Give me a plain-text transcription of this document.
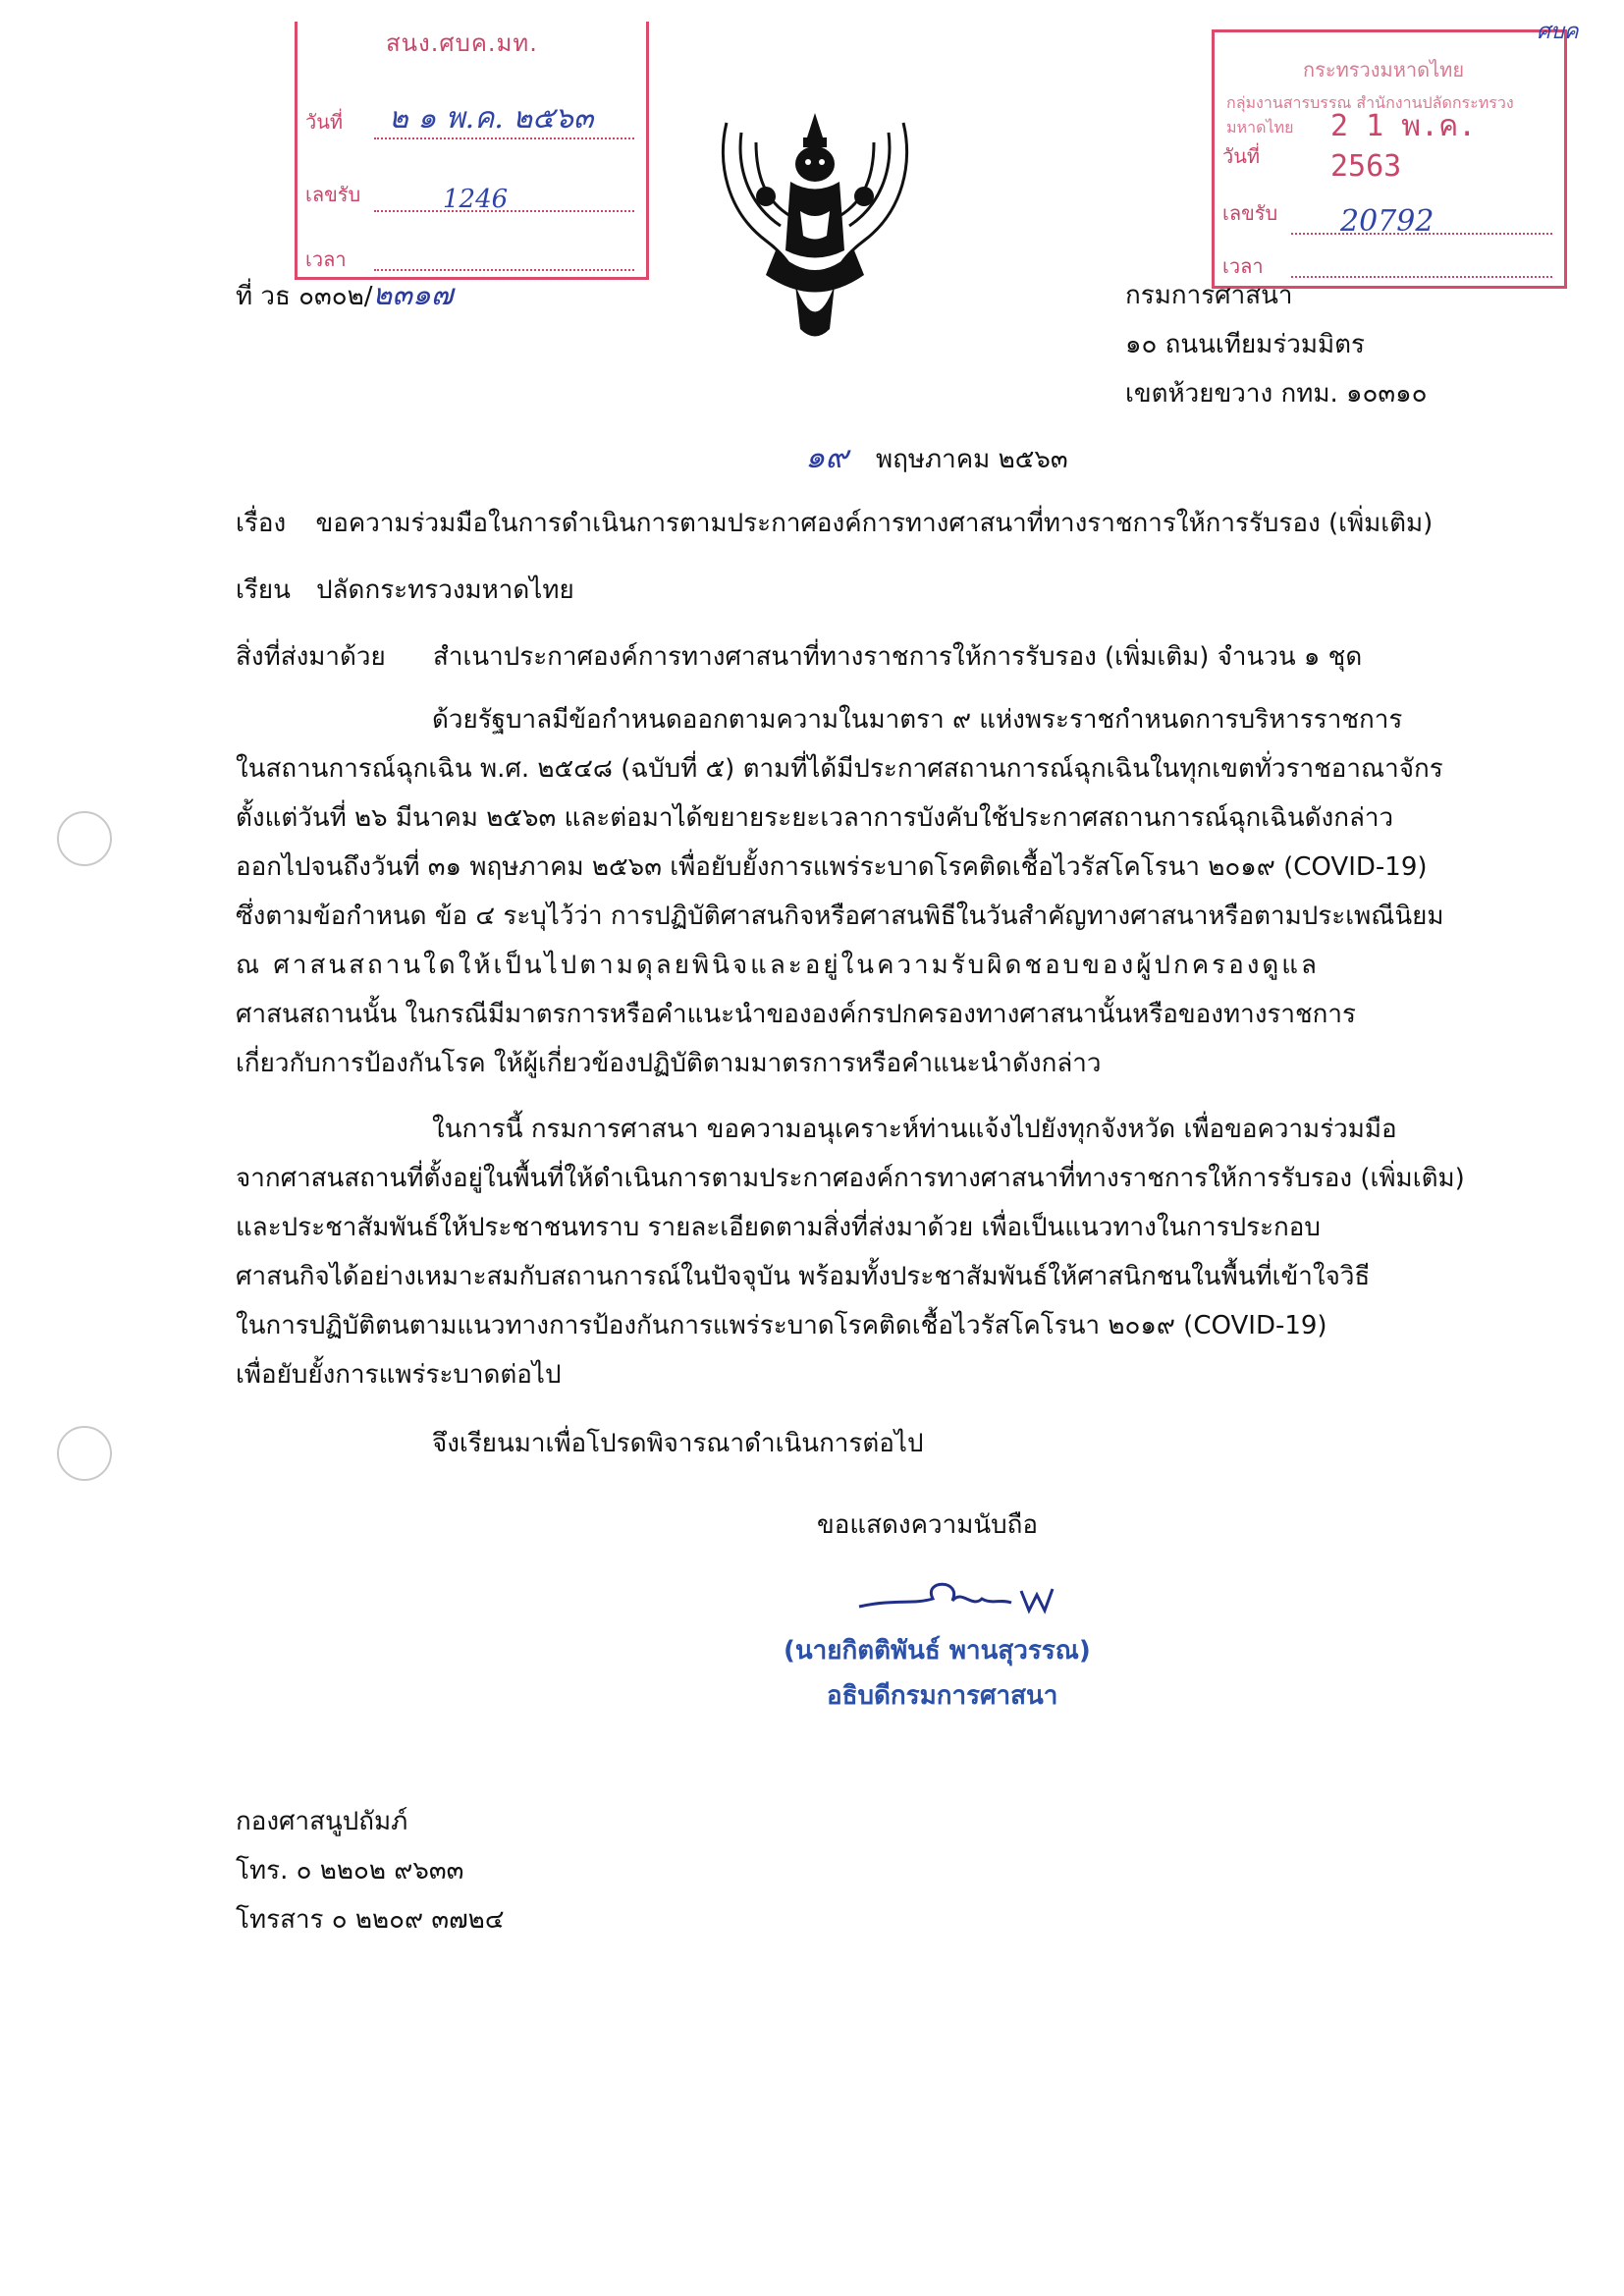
สนง.ศบค.มท.
วันที่ ๒ ๑ พ.ค. ๒๕๖๓
เลขรับ	1246
เวลา
กระทรวงมหาดไทย
กลุ่มงานสารบรรณ สำนักงานปลัดกระทรวงมหาดไทย
วันที่
2 1 พ.ค. 2563
เลขรับ 20792
เวลา
ศบค
ที่ วธ ๐๓๐๒/๒๓๑๗	กรมการศาสนา
๑๐ ถนนเทียมร่วมมิตร
เขตห้วยขวาง กทม. ๑๐๓๑๐
๑๙ พฤษภาคม ๒๕๖๓
เรื่อง ขอความร่วมมือในการดำเนินการตามประกาศองค์การทางศาสนาที่ทางราชการให้การรับรอง (เพิ่มเติม)
เรียน ปลัดกระทรวงมหาดไทย
สิ่งที่ส่งมาด้วย สำเนาประกาศองค์การทางศาสนาที่ทางราชการให้การรับรอง (เพิ่มเติม) จำนวน ๑ ชุด
ด้วยรัฐบาลมีข้อกำหนดออกตามความในมาตรา ๙ แห่งพระราชกำหนดการบริหารราชการ
ในสถานการณ์ฉุกเฉิน พ.ศ. ๒๕๔๘ (ฉบับที่ ๕) ตามที่ได้มีประกาศสถานการณ์ฉุกเฉินในทุกเขตทั่วราชอาณาจักร
ตั้งแต่วันที่ ๒๖ มีนาคม ๒๕๖๓ และต่อมาได้ขยายระยะเวลาการบังคับใช้ประกาศสถานการณ์ฉุกเฉินดังกล่าว
ออกไปจนถึงวันที่ ๓๑ พฤษภาคม ๒๕๖๓ เพื่อยับยั้งการแพร่ระบาดโรคติดเชื้อไวรัสโคโรนา ๒๐๑๙ (COVID-19)
ซึ่งตามข้อกำหนด ข้อ ๔ ระบุไว้ว่า การปฏิบัติศาสนกิจหรือศาสนพิธีในวันสำคัญทางศาสนาหรือตามประเพณีนิยม
ณ ศาสนสถานใดให้เป็นไปตามดุลยพินิจและอยู่ในความรับผิดชอบของผู้ปกครองดูแล
ศาสนสถานนั้น ในกรณีมีมาตรการหรือคำแนะนำขององค์กรปกครองทางศาสนานั้นหรือของทางราชการ
เกี่ยวกับการป้องกันโรค ให้ผู้เกี่ยวข้องปฏิบัติตามมาตรการหรือคำแนะนำดังกล่าว
ในการนี้ กรมการศาสนา ขอความอนุเคราะห์ท่านแจ้งไปยังทุกจังหวัด เพื่อขอความร่วมมือ
จากศาสนสถานที่ตั้งอยู่ในพื้นที่ให้ดำเนินการตามประกาศองค์การทางศาสนาที่ทางราชการให้การรับรอง (เพิ่มเติม)
และประชาสัมพันธ์ให้ประชาชนทราบ รายละเอียดตามสิ่งที่ส่งมาด้วย เพื่อเป็นแนวทางในการประกอบ
ศาสนกิจได้อย่างเหมาะสมกับสถานการณ์ในปัจจุบัน พร้อมทั้งประชาสัมพันธ์ให้ศาสนิกชนในพื้นที่เข้าใจวิธี
ในการปฏิบัติตนตามแนวทางการป้องกันการแพร่ระบาดโรคติดเชื้อไวรัสโคโรนา ๒๐๑๙ (COVID-19)
เพื่อยับยั้งการแพร่ระบาดต่อไป
จึงเรียนมาเพื่อโปรดพิจารณาดำเนินการต่อไป
ขอแสดงความนับถือ
(นายกิตติพันธ์ พานสุวรรณ)
อธิบดีกรมการศาสนา
กองศาสนูปถัมภ์
โทร. ๐ ๒๒๐๒ ๙๖๓๓
โทรสาร ๐ ๒๒๐๙ ๓๗๒๔
